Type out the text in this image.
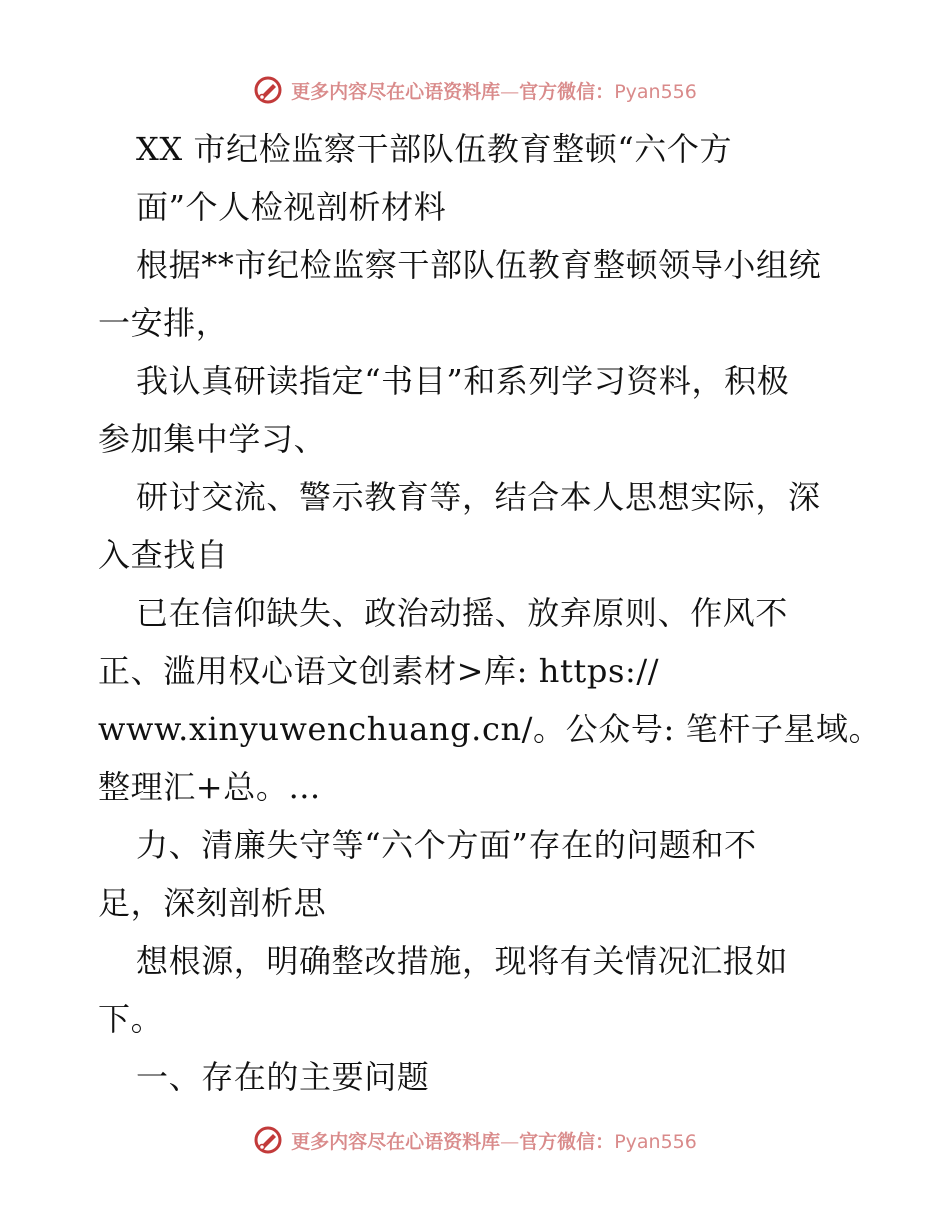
更多内容尽在心语资料库—官方微信：Pyan556
XX 市纪检监察干部队伍教育整顿“六个方
面”个人检视剖析材料
根据**市纪检监察干部队伍教育整顿领导小组统
一安排，
我认真研读指定“书目”和系列学习资料，积极
参加集中学习、
研讨交流、警示教育等，结合本人思想实际，深
入查找自
已在信仰缺失、政治动摇、放弃原则、作风不
正、滥用权心语文创素材>库: https://
www.xinyuwenchuang.cn/。公众号: 笔杆子星域。
整理汇+总。…
力、清廉失守等“六个方面”存在的问题和不
足，深刻剖析思
想根源，明确整改措施，现将有关情况汇报如
下。
一、存在的主要问题
更多内容尽在心语资料库—官方微信：Pyan556
